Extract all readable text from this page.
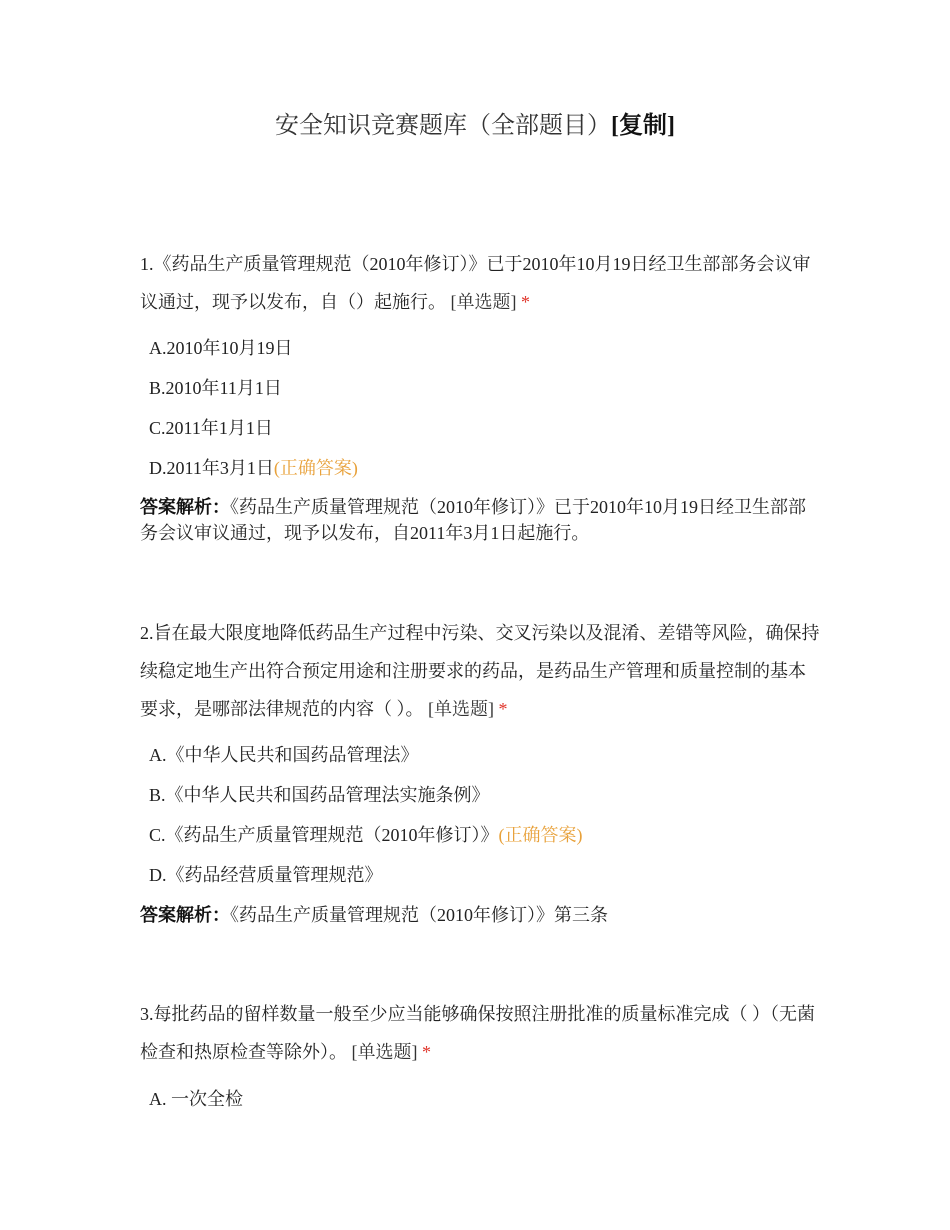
安全知识竞赛题库（全部题目）[复制]
1.《药品生产质量管理规范（2010年修订）》已于2010年10月19日经卫生部部务会议审议通过，现予以发布，自（）起施行。 [单选题] *
A.2010年10月19日
B.2010年11月1日
C.2011年1月1日
D.2011年3月1日(正确答案)
答案解析：《药品生产质量管理规范（2010年修订）》已于2010年10月19日经卫生部部务会议审议通过，现予以发布，自2011年3月1日起施行。
2.旨在最大限度地降低药品生产过程中污染、交叉污染以及混淆、差错等风险，确保持续稳定地生产出符合预定用途和注册要求的药品，是药品生产管理和质量控制的基本要求，是哪部法律规范的内容（ ）。 [单选题] *
A.《中华人民共和国药品管理法》
B.《中华人民共和国药品管理法实施条例》
C.《药品生产质量管理规范（2010年修订）》(正确答案)
D.《药品经营质量管理规范》
答案解析：《药品生产质量管理规范（2010年修订）》第三条
3.每批药品的留样数量一般至少应当能够确保按照注册批准的质量标准完成（ ）（无菌检查和热原检查等除外）。 [单选题] *
A. 一次全检
